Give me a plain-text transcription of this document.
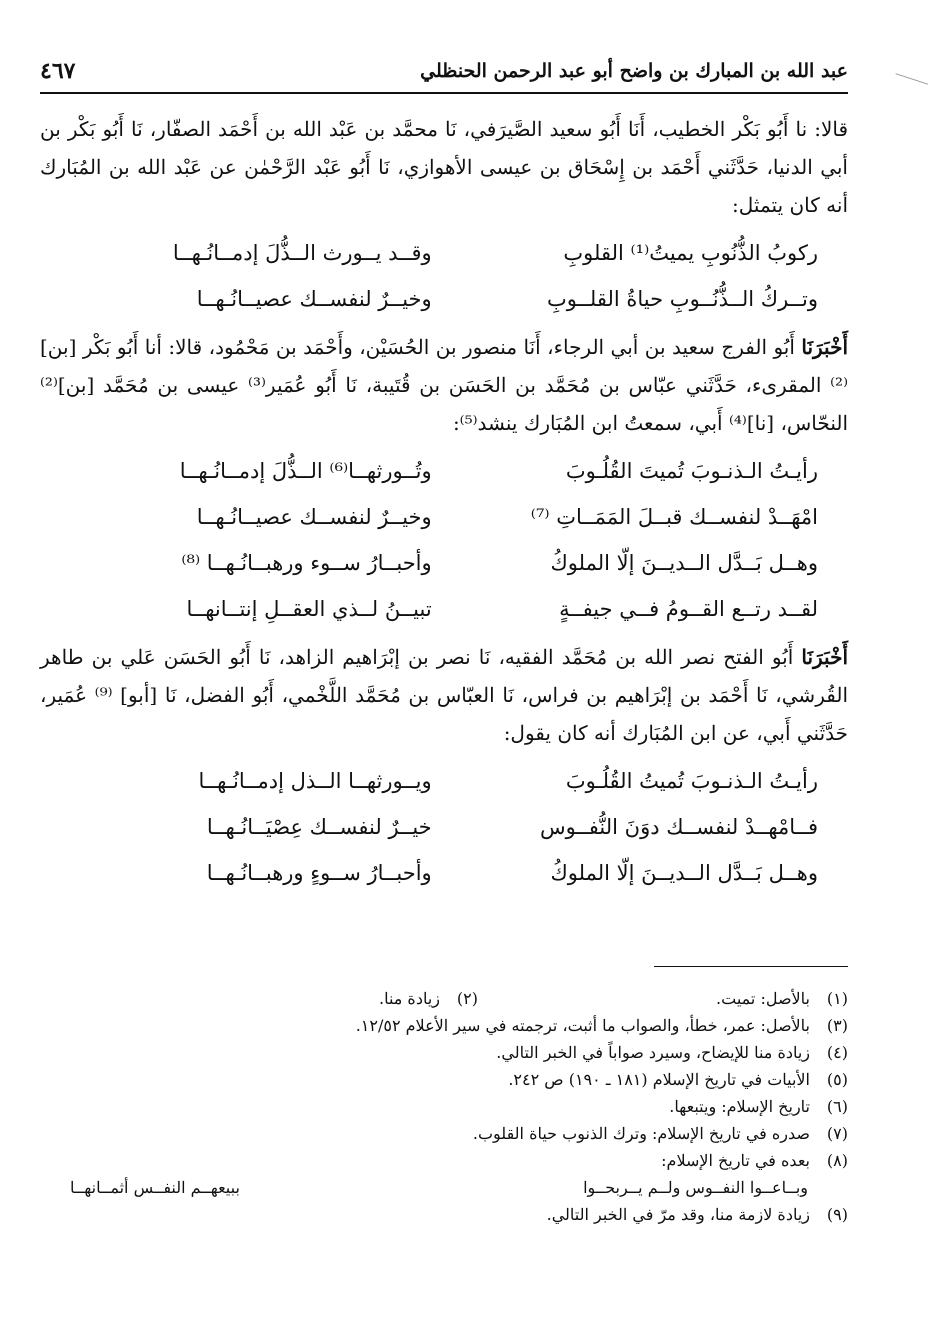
عبد الله بن المبارك بن واضح أبو عبد الرحمن الحنظلي
٤٦٧

قالا: نا أَبُو بَكْر الخطيب، أَنَا أَبُو سعيد الصَّيرَفي، نَا محمَّد بن عَبْد الله بن أَحْمَد الصفّار، نَا أَبُو بَكْر بن أبي الدنيا، حَدَّثَني أَحْمَد بن إِسْحَاق بن عيسى الأهوازي، نَا أَبُو عَبْد الرَّحْمٰن عن عَبْد الله بن المُبَارك أنه كان يتمثل:

ركوبُ الذُّنُوبِ يميتُ⁽¹⁾ القلوبِ
وقــد يــورث الــذُّلَ إدمــانُـهــا
وتــركُ الــذُّنُــوبِ حياةُ القلــوبِ
وخيــرٌ لنفســك عصيــانُـهــا

أَخْبَرَنَا أَبُو الفرج سعيد بن أبي الرجاء، أَنَا منصور بن الحُسَيْن، وأَحْمَد بن مَحْمُود، قالا: أنا أَبُو بَكْر [بن]⁽²⁾ المقرىء، حَدَّثَني عبّاس بن مُحَمَّد بن الحَسَن بن قُتَيبة، نَا أَبُو عُمَير⁽³⁾ عيسى بن مُحَمَّد [بن]⁽²⁾ النحّاس، [نا]⁽⁴⁾ أَبي، سمعتُ ابن المُبَارك ينشد⁽⁵⁾:

رأيـتُ الـذنـوبَ تُميتَ القُلُـوبَ
وتُــورثهــا⁽⁶⁾ الــذُّلَ إدمــانُـهــا
امْهَــدْ لنفســك قبــلَ المَمَــاتِ ⁽⁷⁾
وخيــرٌ لنفســك عصيــانُـهــا
وهــل بَــدَّل الــديــنَ إلّا الملوكُ
وأحبــارُ ســوء ورهبــانُـهــا ⁽⁸⁾
لقــد رتــع القــومُ فــي جيفــةٍ
تبيــنُ لــذي العقــلِ إنتــانهــا

أَخْبَرَنَا أَبُو الفتح نصر الله بن مُحَمَّد الفقيه، نَا نصر بن إبْرَاهيم الزاهد، نَا أَبُو الحَسَن عَلي بن طاهر القُرشي، نَا أَحْمَد بن إبْرَاهيم بن فراس، نَا العبّاس بن مُحَمَّد اللَّخْمي، أَبُو الفضل، نَا [أبو] ⁽⁹⁾ عُمَير، حَدَّثَني أَبي، عن ابن المُبَارك أنه كان يقول:

رأيـتُ الـذنـوبَ تُميتُ القُلُـوبَ
ويــورثهــا الــذل إدمــانُـهــا
فــامْهــدْ لنفســك دوَنَ النُّفــوس
خيــرٌ لنفســك عِصْيَــانُـهــا
وهــل بَــدَّل الــديــنَ إلّا الملوكُ
وأحبــارُ ســوءٍ ورهبــانُـهــا
(١)
بالأصل: تميت.
(٢)
زيادة منا.
(٣)
بالأصل: عمر، خطأ، والصواب ما أثبت، ترجمته في سير الأعلام ١٢/٥٢.
(٤)
زيادة منا للإيضاح، وسيرد صواباً في الخبر التالي.
(٥)
الأبيات في تاريخ الإسلام (١٨١ ـ ١٩٠) ص ٢٤٢.
(٦)
تاريخ الإسلام: ويتبعها.
(٧)
صدره في تاريخ الإسلام: وترك الذنوب حياة القلوب.
(٨)
بعده في تاريخ الإسلام:
وبــاعــوا النفــوس ولــم يــربحــوا
ببيعهــم النفــس أثمــانهــا
(٩)
زيادة لازمة منا، وقد مرّ في الخبر التالي.
